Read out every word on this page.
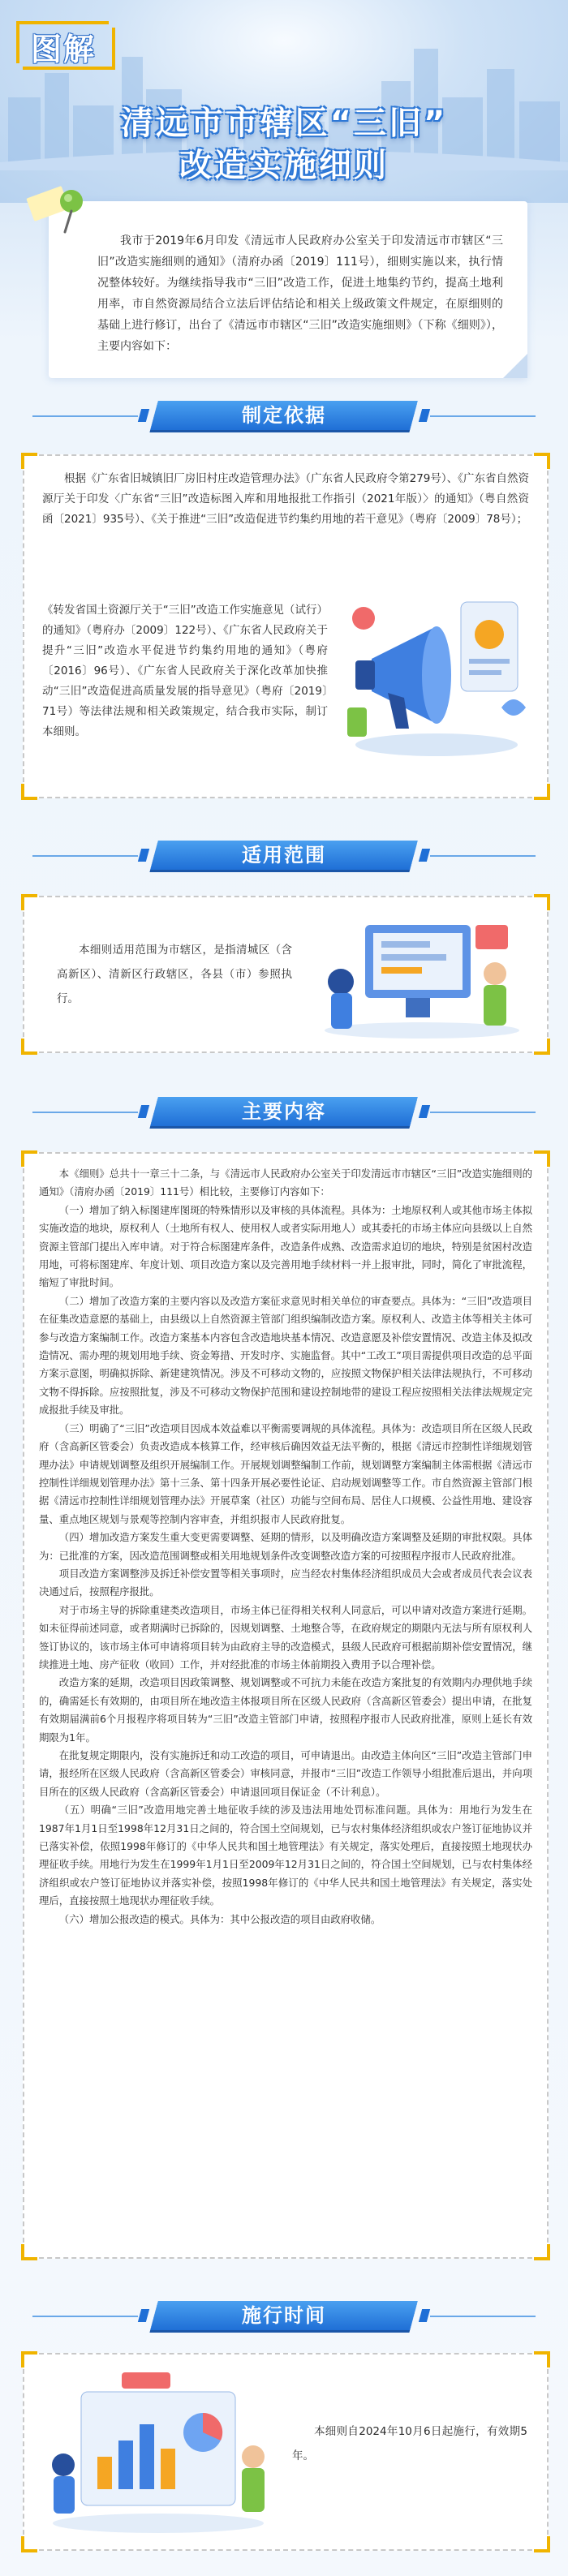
图解
清远市市辖区“三旧”
改造实施细则

我市于2019年6月印发《清远市人民政府办公室关于印发清远市市辖区“三旧”改造实施细则的通知》（清府办函〔2019〕111号），细则实施以来，执行情况整体较好。为继续指导我市“三旧”改造工作，促进土地集约节约，提高土地利用率，市自然资源局结合立法后评估结论和相关上级政策文件规定，在原细则的基础上进行修订，出台了《清远市市辖区“三旧”改造实施细则》（下称《细则》），主要内容如下：

制定依据

根据《广东省旧城镇旧厂房旧村庄改造管理办法》（广东省人民政府令第279号）、《广东省自然资源厅关于印发〈广东省“三旧”改造标图入库和用地报批工作指引（2021年版）〉的通知》（粤自然资函〔2021〕935号）、《关于推进“三旧”改造促进节约集约用地的若干意见》（粤府〔2009〕78号）；

《转发省国土资源厅关于“三旧”改造工作实施意见（试行）的通知》（粤府办〔2009〕122号）、《广东省人民政府关于提升“三旧”改造水平促进节约集约用地的通知》（粤府〔2016〕96号）、《广东省人民政府关于深化改革加快推动“三旧”改造促进高质量发展的指导意见》（粤府〔2019〕71号）等法律法规和相关政策规定，结合我市实际，制订本细则。

适用范围

本细则适用范围为市辖区，是指清城区（含高新区）、清新区行政辖区，各县（市）参照执行。

主要内容

本《细则》总共十一章三十二条，与《清远市人民政府办公室关于印发清远市市辖区“三旧”改造实施细则的通知》（清府办函〔2019〕111号）相比较，主要修订内容如下：

（一）增加了纳入标图建库图斑的特殊情形以及审核的具体流程。具体为：土地原权利人或其他市场主体拟实施改造的地块，原权利人（土地所有权人、使用权人或者实际用地人）或其委托的市场主体应向县级以上自然资源主管部门提出入库申请。对于符合标图建库条件，改造条件成熟、改造需求迫切的地块，特别是贫困村改造用地，可将标图建库、年度计划、项目改造方案以及完善用地手续材料一并上报审批，同时，简化了审批流程，缩短了审批时间。

（二）增加了改造方案的主要内容以及改造方案征求意见时相关单位的审查要点。具体为：“三旧”改造项目在征集改造意愿的基础上，由县级以上自然资源主管部门组织编制改造方案。原权利人、改造主体等相关主体可参与改造方案编制工作。改造方案基本内容包含改造地块基本情况、改造意愿及补偿安置情况、改造主体及拟改造情况、需办理的规划用地手续、资金筹措、开发时序、实施监督。其中“工改工”项目需提供项目改造的总平面方案示意图，明确拟拆除、新建建筑情况。涉及不可移动文物的，应按照文物保护相关法律法规执行，不可移动文物不得拆除。应按照批复，涉及不可移动文物保护范围和建设控制地带的建设工程应按照相关法律法规规定完成报批手续及审批。

（三）明确了“三旧”改造项目因成本效益难以平衡需要调规的具体流程。具体为：改造项目所在区级人民政府（含高新区管委会）负责改造成本核算工作，经审核后确因效益无法平衡的，根据《清远市控制性详细规划管理办法》申请规划调整及组织开展编制工作。开展规划调整编制工作前，规划调整方案编制主体需根据《清远市控制性详细规划管理办法》第十三条、第十四条开展必要性论证、启动规划调整等工作。市自然资源主管部门根据《清远市控制性详细规划管理办法》开展草案（社区）功能与空间布局、居住人口规模、公益性用地、建设容量、重点地区规划与景观等控制内容审查，并组织报市人民政府批复。

（四）增加改造方案发生重大变更需要调整、延期的情形，以及明确改造方案调整及延期的审批权限。具体为：已批准的方案，因改造范围调整或相关用地规划条件改变调整改造方案的可按照程序报市人民政府批准。

项目改造方案调整涉及拆迁补偿安置等相关事项时，应当经农村集体经济组织成员大会或者成员代表会议表决通过后，按照程序报批。

对于市场主导的拆除重建类改造项目，市场主体已征得相关权利人同意后，可以申请对改造方案进行延期。如未征得前述同意，或者期满时已拆除的，因规划调整、土地整合等，在政府规定的期限内无法与所有原权利人签订协议的，该市场主体可申请将项目转为由政府主导的改造模式，县级人民政府可根据前期补偿安置情况，继续推进土地、房产征收（收回）工作，并对经批准的市场主体前期投入费用予以合理补偿。

改造方案的延期，改造项目因政策调整、规划调整或不可抗力未能在改造方案批复的有效期内办理供地手续的，确需延长有效期的，由项目所在地改造主体报项目所在区级人民政府（含高新区管委会）提出申请，在批复有效期届满前6个月报程序将项目转为“三旧”改造主管部门申请，按照程序报市人民政府批准，原则上延长有效期限为1年。

在批复规定期限内，没有实施拆迁和动工改造的项目，可申请退出。由改造主体向区“三旧”改造主管部门申请，报经所在区级人民政府（含高新区管委会）审核同意，并报市“三旧”改造工作领导小组批准后退出，并向项目所在的区级人民政府（含高新区管委会）申请退回项目保证金（不计利息）。

（五）明确“三旧”改造用地完善土地征收手续的涉及违法用地处罚标准问题。具体为：用地行为发生在1987年1月1日至1998年12月31日之间的，符合国土空间规划，已与农村集体经济组织或农户签订征地协议并已落实补偿，依照1998年修订的《中华人民共和国土地管理法》有关规定，落实处理后，直接按照土地现状办理征收手续。用地行为发生在1999年1月1日至2009年12月31日之间的，符合国土空间规划，已与农村集体经济组织或农户签订征地协议并落实补偿，按照1998年修订的《中华人民共和国土地管理法》有关规定，落实处理后，直接按照土地现状办理征收手续。

（六）增加公报改造的模式。具体为：其中公报改造的项目由政府收储。

施行时间

本细则自2024年10月6日起施行，有效期5年。
